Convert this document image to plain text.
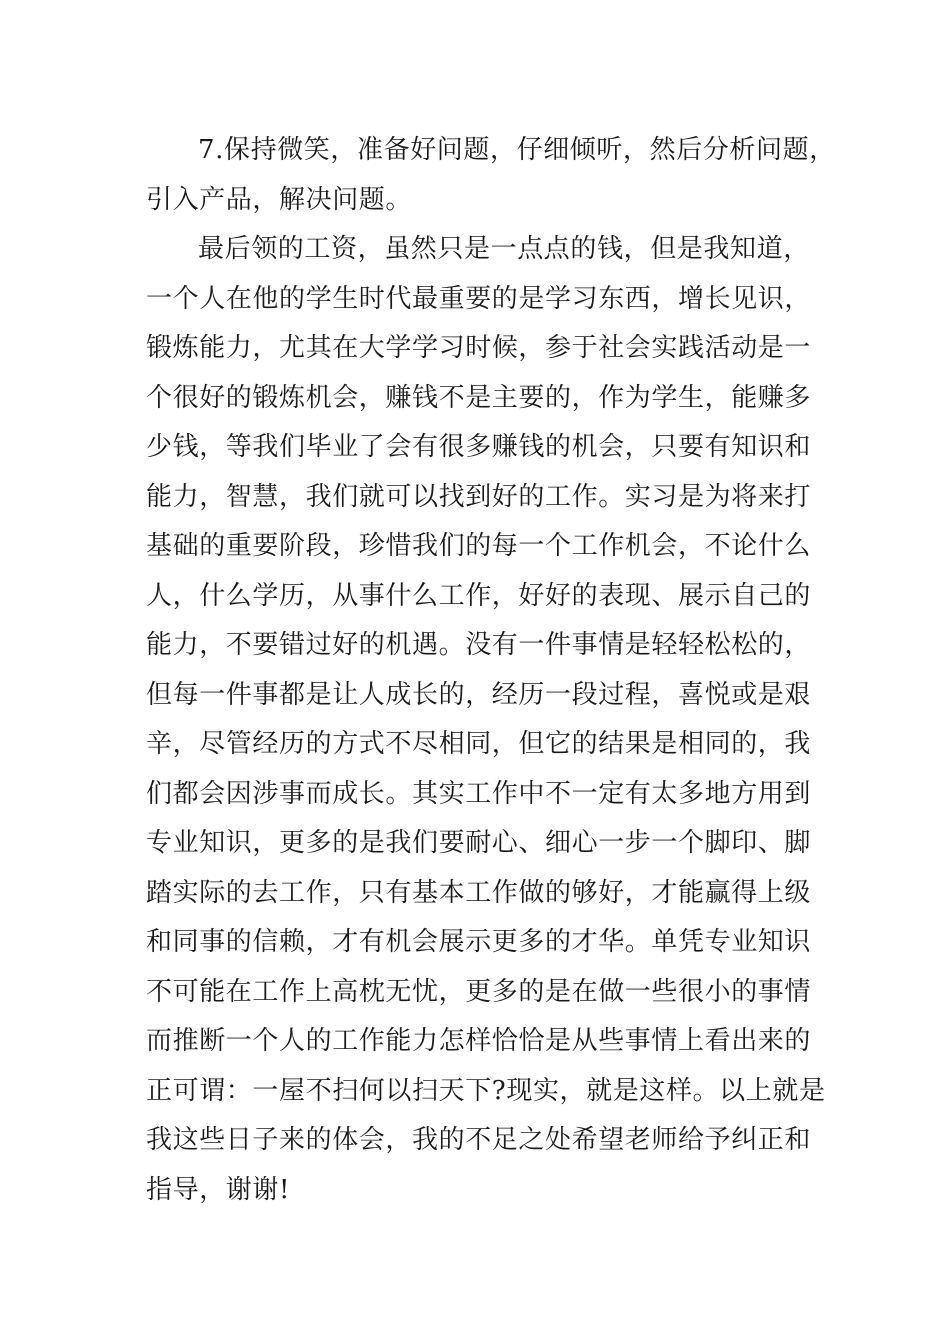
7.保持微笑，准备好问题，仔细倾听，然后分析问题，
引入产品，解决问题。
最后领的工资，虽然只是一点点的钱，但是我知道，
一个人在他的学生时代最重要的是学习东西，增长见识，
锻炼能力，尤其在大学学习时候，参于社会实践活动是一
个很好的锻炼机会，赚钱不是主要的，作为学生，能赚多
少钱，等我们毕业了会有很多赚钱的机会，只要有知识和
能力，智慧，我们就可以找到好的工作。实习是为将来打
基础的重要阶段，珍惜我们的每一个工作机会，不论什么
人，什么学历，从事什么工作，好好的表现、展示自己的
能力，不要错过好的机遇。没有一件事情是轻轻松松的，
但每一件事都是让人成长的，经历一段过程，喜悦或是艰
辛，尽管经历的方式不尽相同，但它的结果是相同的，我
们都会因涉事而成长。其实工作中不一定有太多地方用到
专业知识，更多的是我们要耐心、细心一步一个脚印、脚
踏实际的去工作，只有基本工作做的够好，才能赢得上级
和同事的信赖，才有机会展示更多的才华。单凭专业知识
不可能在工作上高枕无忧，更多的是在做一些很小的事情
而推断一个人的工作能力怎样恰恰是从些事情上看出来的
正可谓：一屋不扫何以扫天下?现实，就是这样。以上就是
我这些日子来的体会，我的不足之处希望老师给予纠正和
指导，谢谢!
